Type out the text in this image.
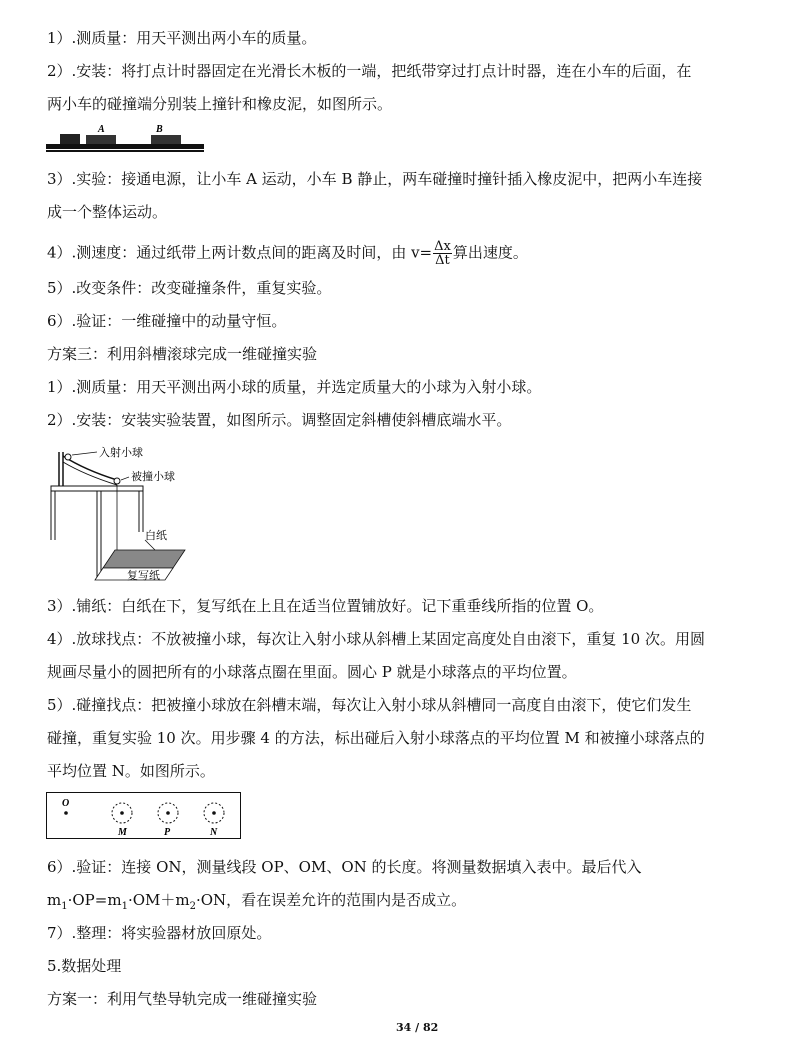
1）.测质量：用天平测出两小车的质量。
2）.安装：将打点计时器固定在光滑长木板的一端，把纸带穿过打点计时器，连在小车的后面，在
两小车的碰撞端分别装上撞针和橡皮泥，如图所示。
A	B
3）.实验：接通电源，让小车 A 运动，小车 B 静止，两车碰撞时撞针插入橡皮泥中，把两小车连接
成一个整体运动。
4）.测速度：通过纸带上两计数点间的距离及时间，由 $v= \frac{\Delta x}{\Delta t}$ 算出速度。
5）.改变条件：改变碰撞条件，重复实验。
6）.验证：一维碰撞中的动量守恒。
方案三：利用斜槽滚球完成一维碰撞实验
1）.测质量：用天平测出两小球的质量，并选定质量大的小球为入射小球。
2）.安装：安装实验装置，如图所示。调整固定斜槽使斜槽底端水平。
入射小球
被撞小球
白纸
复写纸
3）.铺纸：白纸在下，复写纸在上且在适当位置铺放好。记下重垂线所指的位置 O。
4）.放球找点：不放被撞小球，每次让入射小球从斜槽上某固定高度处自由滚下，重复 10 次。用圆
规画尽量小的圆把所有的小球落点圈在里面。圆心 P 就是小球落点的平均位置。
5）.碰撞找点：把被撞小球放在斜槽末端，每次让入射小球从斜槽同一高度自由滚下，使它们发生
碰撞，重复实验 10 次。用步骤 4 的方法，标出碰后入射小球落点的平均位置 M 和被撞小球落点的
平均位置 N。如图所示。
O
M	P	N
6）.验证：连接 ON，测量线段 OP、OM、ON 的长度。将测量数据填入表中。最后代入
$m_1\cdot OP=m_1\cdot OM+m_2\cdot ON$，看在误差允许的范围内是否成立。
7）.整理：将实验器材放回原处。
5.数据处理
方案一：利用气垫导轨完成一维碰撞实验
34 / 82
